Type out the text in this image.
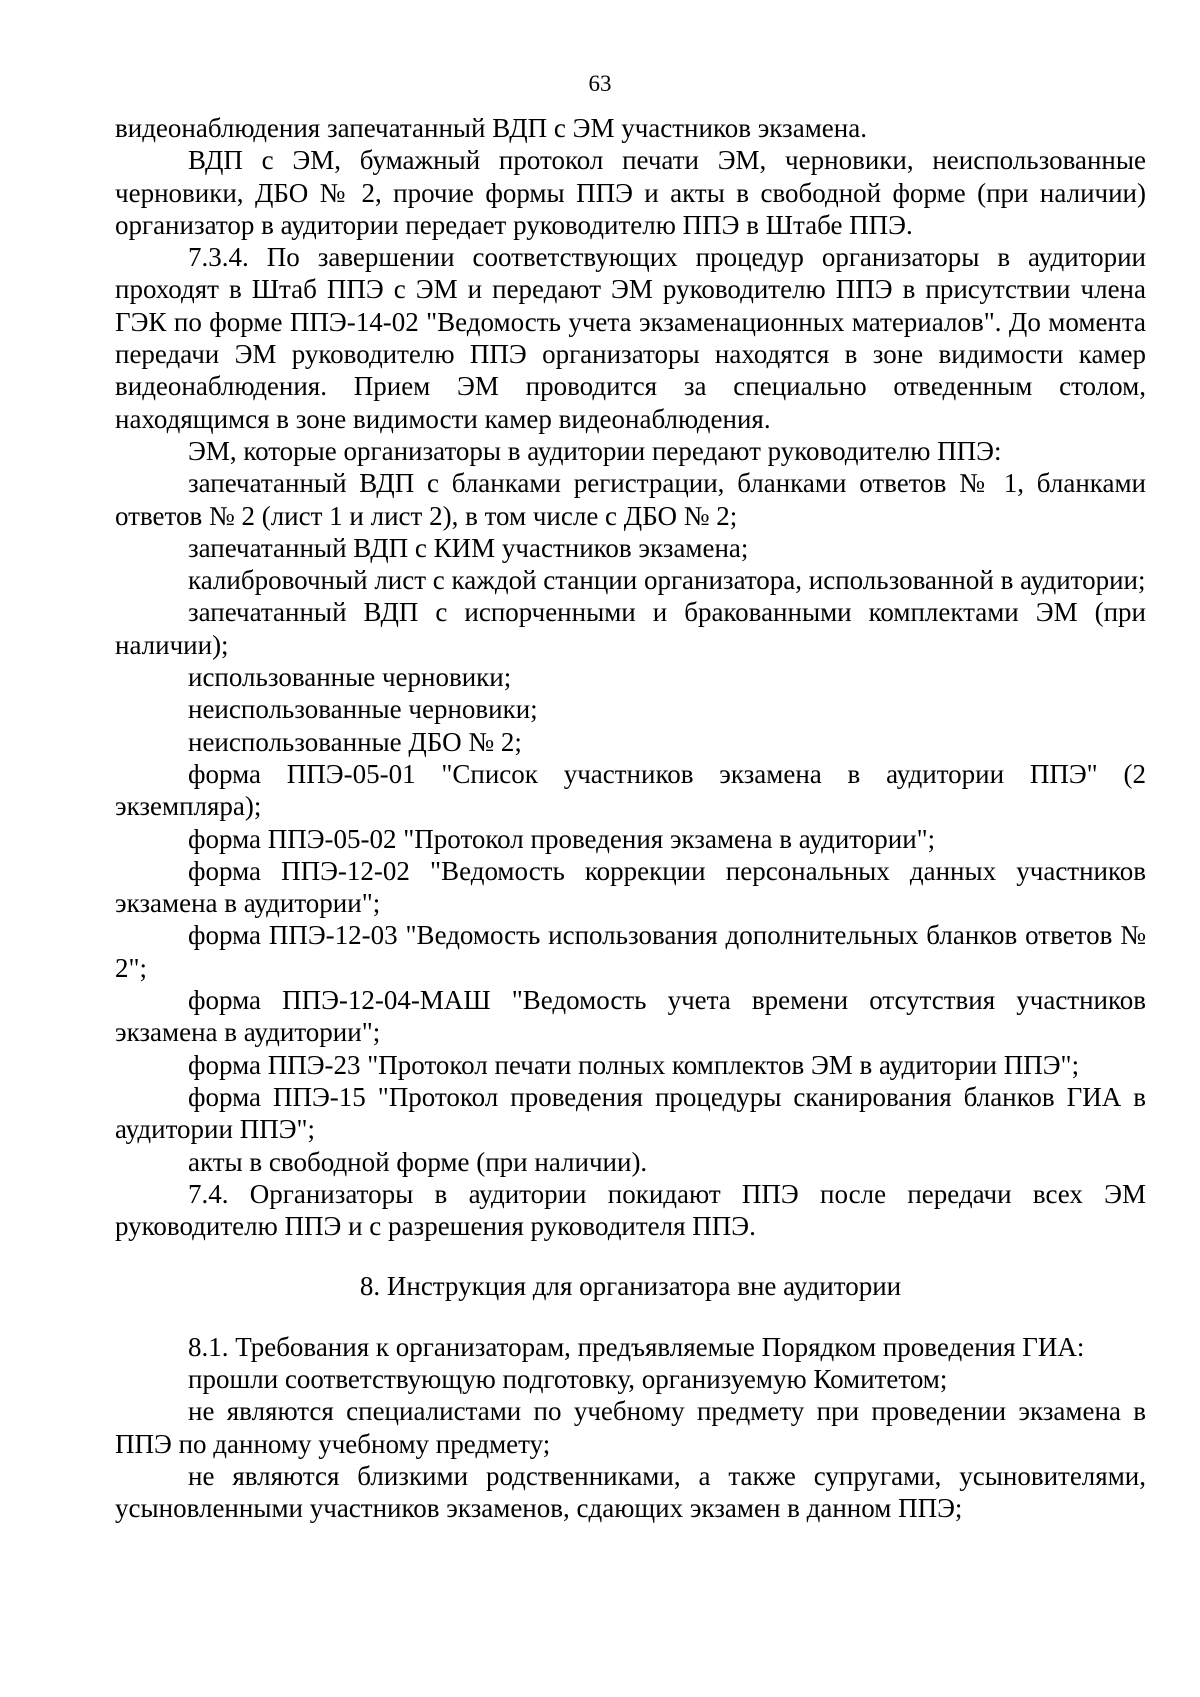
63
видеонаблюдения запечатанный ВДП с ЭМ участников экзамена.
ВДП с ЭМ, бумажный протокол печати ЭМ, черновики, неиспользованные черновики, ДБО № 2, прочие формы ППЭ и акты в свободной форме (при наличии) организатор в аудитории передает руководителю ППЭ в Штабе ППЭ.
7.3.4. По завершении соответствующих процедур организаторы в аудитории проходят в Штаб ППЭ с ЭМ и передают ЭМ руководителю ППЭ в присутствии члена ГЭК по форме ППЭ-14-02 "Ведомость учета экзаменационных материалов". До момента передачи ЭМ руководителю ППЭ организаторы находятся в зоне видимости камер видеонаблюдения. Прием ЭМ проводится за специально отведенным столом, находящимся в зоне видимости камер видеонаблюдения.
ЭМ, которые организаторы в аудитории передают руководителю ППЭ:
запечатанный ВДП с бланками регистрации, бланками ответов № 1, бланками ответов № 2 (лист 1 и лист 2), в том числе с ДБО № 2;
запечатанный ВДП с КИМ участников экзамена;
калибровочный лист с каждой станции организатора, использованной в аудитории;
запечатанный ВДП с испорченными и бракованными комплектами ЭМ (при наличии);
использованные черновики;
неиспользованные черновики;
неиспользованные ДБО № 2;
форма ППЭ-05-01 "Список участников экзамена в аудитории ППЭ" (2 экземпляра);
форма ППЭ-05-02 "Протокол проведения экзамена в аудитории";
форма ППЭ-12-02 "Ведомость коррекции персональных данных участников экзамена в аудитории";
форма ППЭ-12-03 "Ведомость использования дополнительных бланков ответов № 2";
форма ППЭ-12-04-МАШ "Ведомость учета времени отсутствия участников экзамена в аудитории";
форма ППЭ-23 "Протокол печати полных комплектов ЭМ в аудитории ППЭ";
форма ППЭ-15 "Протокол проведения процедуры сканирования бланков ГИА в аудитории ППЭ";
акты в свободной форме (при наличии).
7.4. Организаторы в аудитории покидают ППЭ после передачи всех ЭМ руководителю ППЭ и с разрешения руководителя ППЭ.
8. Инструкция для организатора вне аудитории
8.1. Требования к организаторам, предъявляемые Порядком проведения ГИА:
прошли соответствующую подготовку, организуемую Комитетом;
не являются специалистами по учебному предмету при проведении экзамена в ППЭ по данному учебному предмету;
не являются близкими родственниками, а также супругами, усыновителями, усыновленными участников экзаменов, сдающих экзамен в данном ППЭ;
